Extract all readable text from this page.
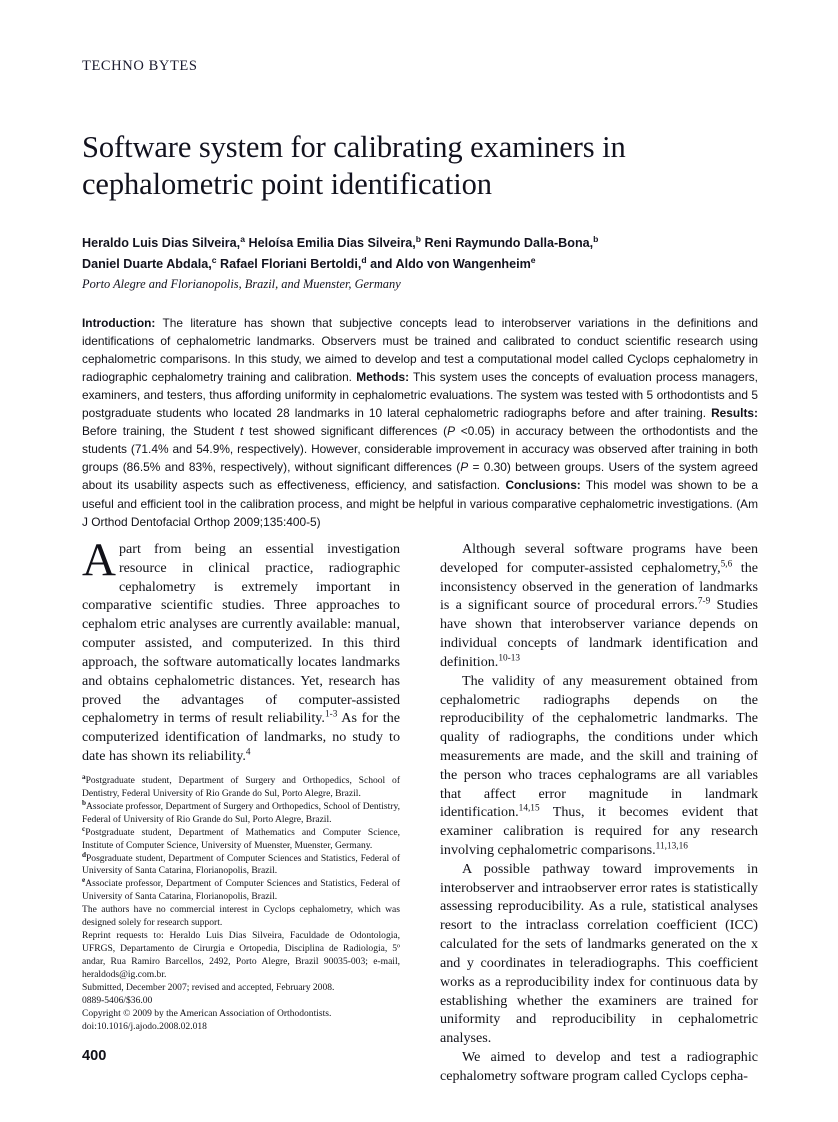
TECHNO BYTES
Software system for calibrating examiners in cephalometric point identification
Heraldo Luis Dias Silveira,$^a$ Heloísa Emilia Dias Silveira,$^b$ Reni Raymundo Dalla-Bona,$^b$
Daniel Duarte Abdala,$^c$ Rafael Floriani Bertoldi,$^d$ and Aldo von Wangenheim$^e$

Porto Alegre and Florianopolis, Brazil, and Muenster, Germany

Introduction: The literature has shown that subjective concepts lead to interobserver variations in the definitions and identifications of cephalometric landmarks. Observers must be trained and calibrated to conduct scientific research using cephalometric comparisons. In this study, we aimed to develop and test a computational model called Cyclops cephalometry in radiographic cephalometry training and calibration. Methods: This system uses the concepts of evaluation process managers, examiners, and testers, thus affording uniformity in cephalometric evaluations. The system was tested with 5 orthodontists and 5 postgraduate students who located 28 landmarks in 10 lateral cephalometric radiographs before and after training. Results: Before training, the Student t test showed significant differences (P <0.05) in accuracy between the orthodontists and the students (71.4% and 54.9%, respectively). However, considerable improvement in accuracy was observed after training in both groups (86.5% and 83%, respectively), without significant differences (P = 0.30) between groups. Users of the system agreed about its usability aspects such as effectiveness, efficiency, and satisfaction. Conclusions: This model was shown to be a useful and efficient tool in the calibration process, and might be helpful in various comparative cephalometric investigations. (Am J Orthod Dentofacial Orthop 2009;135:400-5)

Apart from being an essential investigation resource in clinical practice, radiographic cephalometry is extremely important in comparative scientific studies. Three approaches to cephalom etric analyses are currently available: manual, computer assisted, and computerized. In this third approach, the software automatically locates landmarks and obtains cephalometric distances. Yet, research has proved the advantages of computer-assisted cephalometry in terms of result reliability.$^{1-3}$ As for the computerized identification of landmarks, no study to date has shown its reliability.$^4$

Although several software programs have been developed for computer-assisted cephalometry,$^{5,6}$ the inconsistency observed in the generation of landmarks is a significant source of procedural errors.$^{7-9}$ Studies have shown that interobserver variance depends on individual concepts of landmark identification and definition.$^{10-13}$

The validity of any measurement obtained from cephalometric radiographs depends on the reproducibility of the cephalometric landmarks. The quality of radiographs, the conditions under which measurements are made, and the skill and training of the person who traces cephalograms are all variables that affect error magnitude in landmark identification.$^{14,15}$ Thus, it becomes evident that examiner calibration is required for any research involving cephalometric comparisons.$^{11,13,16}$

A possible pathway toward improvements in interobserver and intraobserver error rates is statistically assessing reproducibility. As a rule, statistical analyses resort to the intraclass correlation coefficient (ICC) calculated for the sets of landmarks generated on the x and y coordinates in teleradiographs. This coefficient works as a reproducibility index for continuous data by establishing whether the examiners are trained for uniformity and reproducibility in cephalometric analyses.

We aimed to develop and test a radiographic cephalometry software program called Cyclops cepha-

$^a$Postgraduate student, Department of Surgery and Orthopedics, School of Dentistry, Federal University of Rio Grande do Sul, Porto Alegre, Brazil.

$^b$Associate professor, Department of Surgery and Orthopedics, School of Dentistry, Federal of University of Rio Grande do Sul, Porto Alegre, Brazil.

$^c$Postgraduate student, Department of Mathematics and Computer Science, Institute of Computer Science, University of Muenster, Muenster, Germany.

$^d$Posgraduate student, Department of Computer Sciences and Statistics, Federal of University of Santa Catarina, Florianopolis, Brazil.

$^e$Associate professor, Department of Computer Sciences and Statistics, Federal of University of Santa Catarina, Florianopolis, Brazil.

The authors have no commercial interest in Cyclops cephalometry, which was designed solely for research support.

Reprint requests to: Heraldo Luis Dias Silveira, Faculdade de Odontologia, UFRGS, Departamento de Cirurgia e Ortopedia, Disciplina de Radiologia, 5º andar, Rua Ramiro Barcellos, 2492, Porto Alegre, Brazil 90035-003; e-mail, heraldods@ig.com.br.

Submitted, December 2007; revised and accepted, February 2008.

0889-5406/$36.00

Copyright © 2009 by the American Association of Orthodontists.

doi:10.1016/j.ajodo.2008.02.018

400
